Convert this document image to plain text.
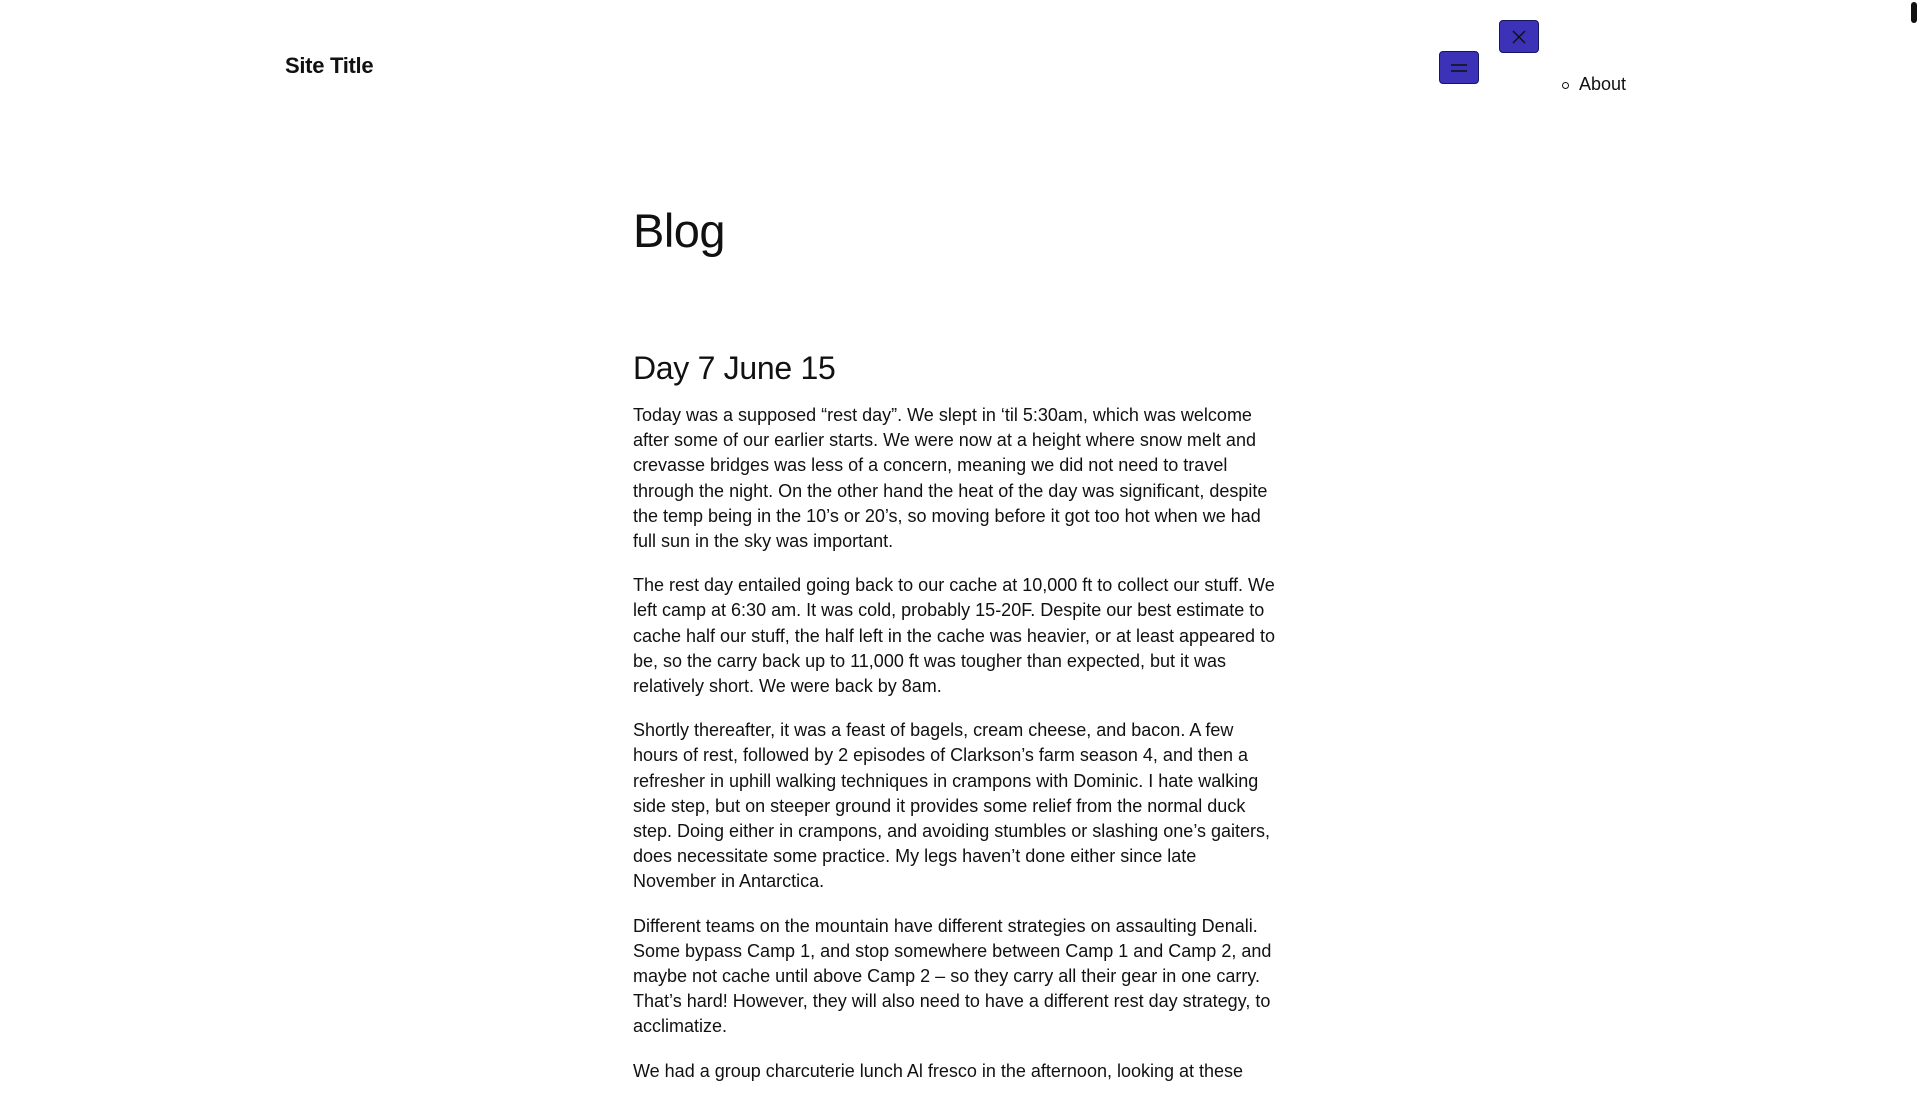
Site Title

About
Blog
Day 7 June 15

Today was a supposed “rest day”. We slept in ‘til 5:30am, which was welcome after some of our earlier starts. We were now at a height where snow melt and crevasse bridges was less of a concern, meaning we did not need to travel through the night. On the other hand the heat of the day was significant, despite the temp being in the 10’s or 20’s, so moving before it got too hot when we had full sun in the sky was important.

The rest day entailed going back to our cache at 10,000 ft to collect our stuff. We left camp at 6:30 am. It was cold, probably 15-20F. Despite our best estimate to cache half our stuff, the half left in the cache was heavier, or at least appeared to be, so the carry back up to 11,000 ft was tougher than expected, but it was relatively short. We were back by 8am.

Shortly thereafter, it was a feast of bagels, cream cheese, and bacon. A few hours of rest, followed by 2 episodes of Clarkson’s farm season 4, and then a refresher in uphill walking techniques in crampons with Dominic. I hate walking side step, but on steeper ground it provides some relief from the normal duck step. Doing either in crampons, and avoiding stumbles or slashing one’s gaiters, does necessitate some practice. My legs haven’t done either since late November in Antarctica.

Different teams on the mountain have different strategies on assaulting Denali. Some bypass Camp 1, and stop somewhere between Camp 1 and Camp 2, and maybe not cache until above Camp 2 – so they carry all their gear in one carry. That’s hard! However, they will also need to have a different rest day strategy, to acclimatize.

We had a group charcuterie lunch Al fresco in the afternoon, looking at these
